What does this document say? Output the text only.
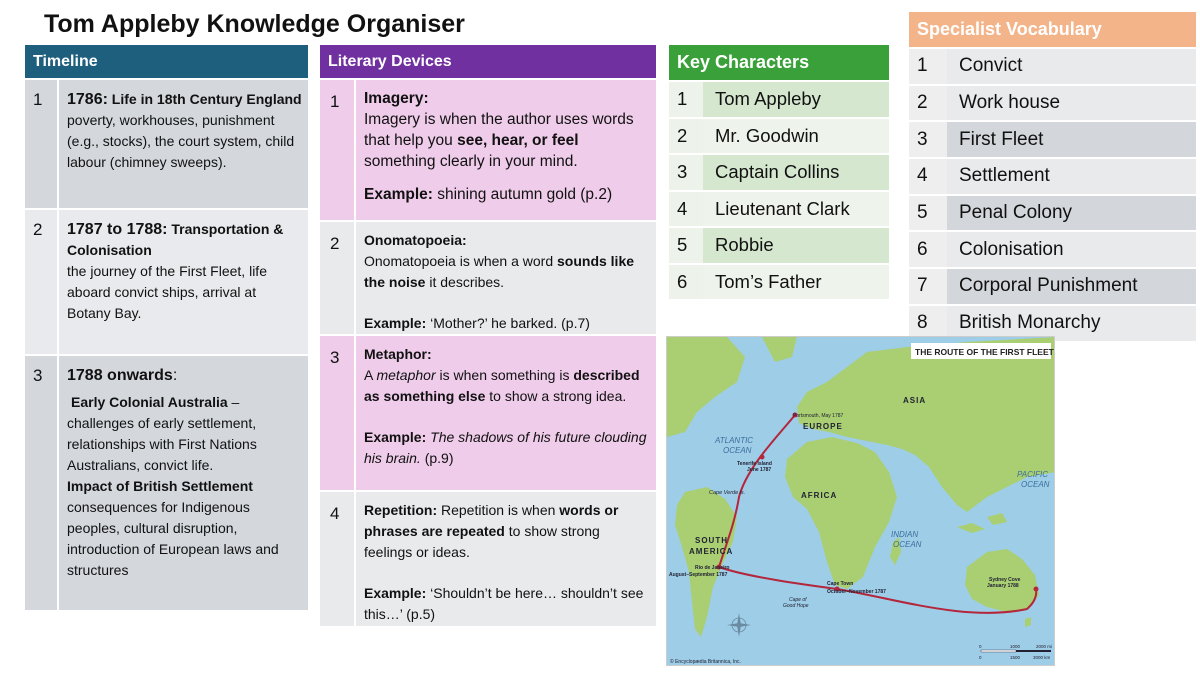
Tom Appleby Knowledge Organiser
Timeline
1	1786: Life in 18th Century England poverty, workhouses, punishment (e.g., stocks), the court system, child labour (chimney sweeps).
2	1787 to 1788: Transportation & Colonisation
the journey of the First Fleet, life aboard convict ships, arrival at Botany Bay.
3	1788 onwards:
Early Colonial Australia – challenges of early settlement, relationships with First Nations Australians, convict life.
Impact of British Settlement
consequences for Indigenous peoples, cultural disruption, introduction of European laws and structures
Literary Devices
1	Imagery:
Imagery is when the author uses words that help you see, hear, or feel something clearly in your mind.
Example: shining autumn gold (p.2)
2	Onomatopoeia:
Onomatopoeia is when a word sounds like the noise it describes.
Example: ‘Mother?’ he barked. (p.7)
3	Metaphor:
A metaphor is when something is described as something else to show a strong idea.
Example: The shadows of his future clouding his brain. (p.9)
4	Repetition: Repetition is when words or phrases are repeated to show strong feelings or ideas.
Example: ‘Shouldn’t be here… shouldn’t see this…’ (p.5)
Key Characters
1	Tom Appleby
2	Mr. Goodwin
3	Captain Collins
4	Lieutenant Clark
5	Robbie
6	Tom’s Father
Specialist Vocabulary
1	Convict
2	Work house
3	First Fleet
4	Settlement
5	Penal Colony
6	Colonisation
7	Corporal Punishment
8	British Monarchy
THE ROUTE OF THE FIRST FLEET
ASIA
EUROPE
AFRICA
SOUTH
AMERICA
ATLANTIC
OCEAN
PACIFIC
OCEAN
INDIAN
OCEAN
Portsmouth, May 1787
Tenerife Island
June 1787
Cape Verde is.
Rio de Janeiro
August–September 1787
Cape Town
October–November 1787
Cape of
Good Hope
Sydney Cove
January 1788
© Encyclopædia Britannica, Inc.
0	1000	2000 mi
0	1500	3000 km
